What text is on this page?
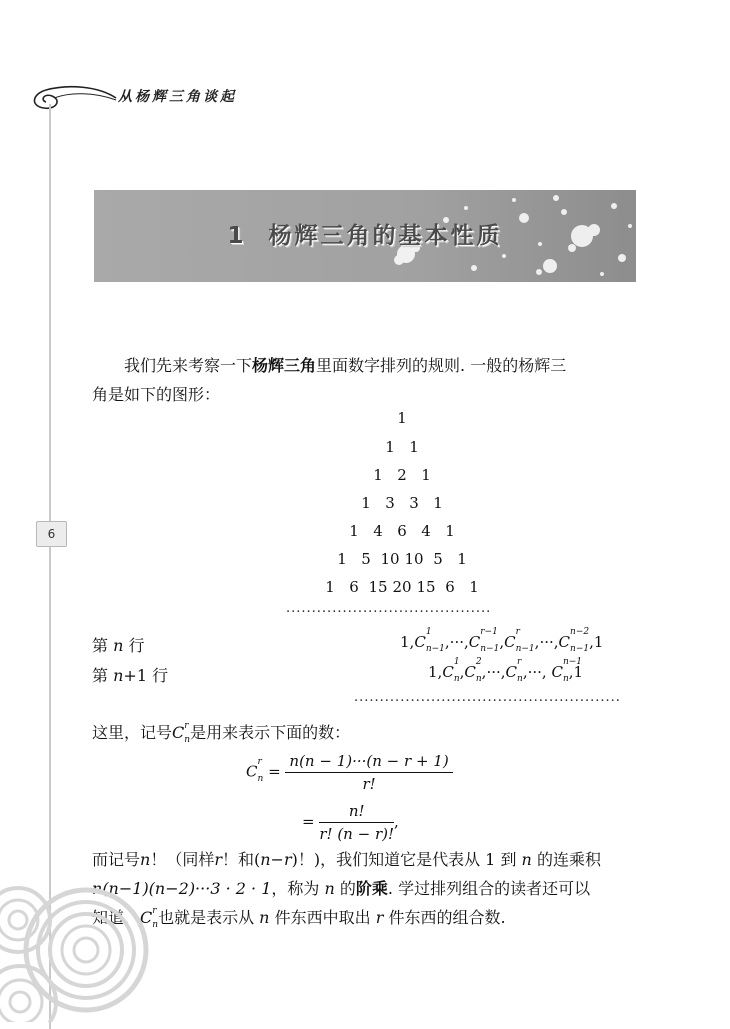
从杨辉三角谈起
6
1 杨辉三角的基本性质
我们先来考察一下杨辉三角里面数字排列的规则. 一般的杨辉三
角是如下的图形：
1
1 1
1 2 1
1 3 3 1
1 4 6 4 1
1 5 10 10 5 1
1 6 15 20 15 6 1
........................................
第 n 行	1,C
1
$_{n-1}$,···,C
r−1
$_{n-1}$,C
r
$_{n-1}$,···,C
n−2
$_{n-1}$,1
第 n+1 行	1,C
1
$_n$,C
2
$_n$,···,C
r
$_n$,···, C
n−1
$_n$,1
....................................................
这里，记号C r
$_n$是用来表示下面的数：
C
r
$_n = \frac{n(n - 1)\cdot\cdot\cdot(n - r + 1)}{r!}$
= $\frac{n!}{r! (n - r)!}$ ,
而记号n！（同样r！和(n−r)！)，我们知道它是代表从 1 到 n 的连乘积
n(n−1)(n−2)···3 · 2 · 1，称为 n 的阶乘. 学过排列组合的读者还可以
知道，C r
$_n$也就是表示从 n 件东西中取出 r 件东西的组合数.
